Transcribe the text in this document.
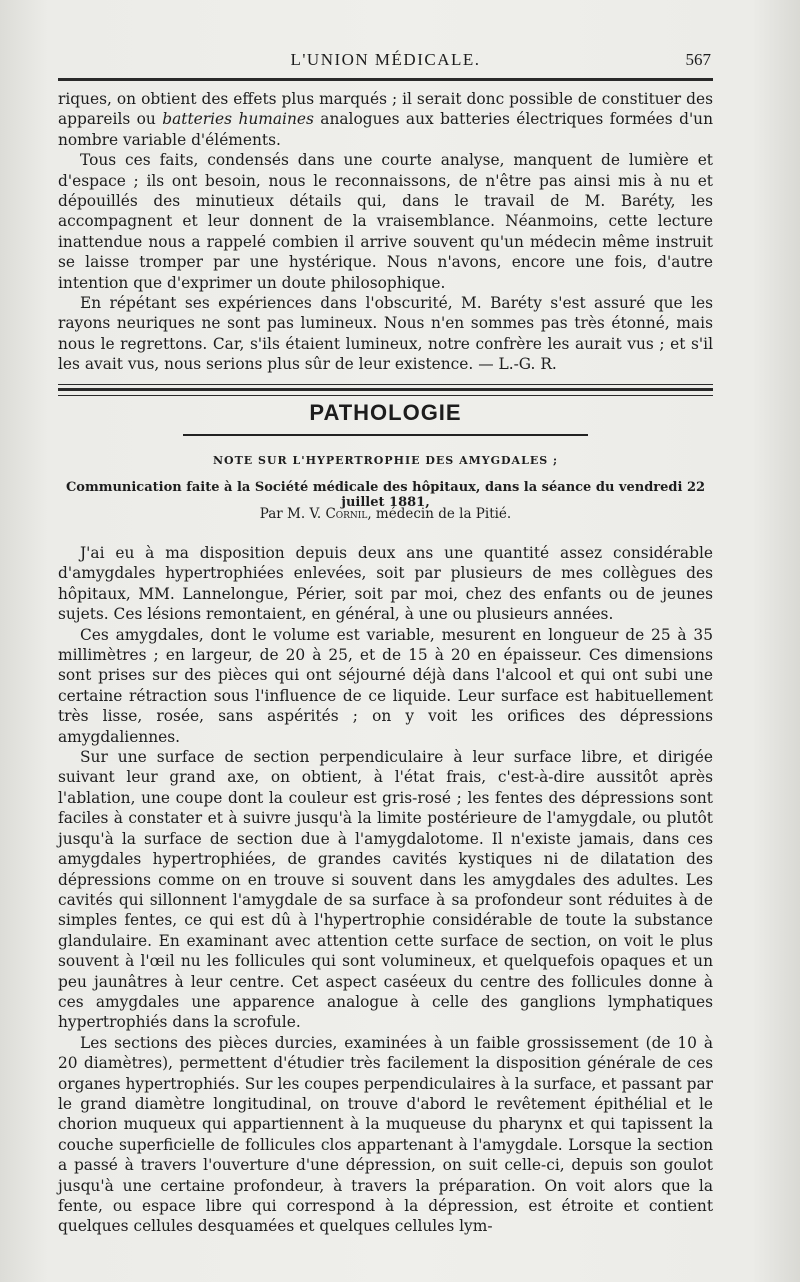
L'UNION MÉDICALE.	567

riques, on obtient des effets plus marqués ; il serait donc possible de constituer des appareils ou batteries humaines analogues aux batteries électriques formées d'un nombre variable d'éléments.

Tous ces faits, condensés dans une courte analyse, manquent de lumière et d'espace ; ils ont besoin, nous le reconnaissons, de n'être pas ainsi mis à nu et dépouillés des minutieux détails qui, dans le travail de M. Baréty, les accompagnent et leur donnent de la vraisemblance. Néanmoins, cette lecture inattendue nous a rappelé combien il arrive souvent qu'un médecin même instruit se laisse tromper par une hystérique. Nous n'avons, encore une fois, d'autre intention que d'exprimer un doute philosophique.

En répétant ses expériences dans l'obscurité, M. Baréty s'est assuré que les rayons neuriques ne sont pas lumineux. Nous n'en sommes pas très étonné, mais nous le regrettons. Car, s'ils étaient lumineux, notre confrère les aurait vus ; et s'il les avait vus, nous serions plus sûr de leur existence. — L.-G. R.

PATHOLOGIE
NOTE SUR L'HYPERTROPHIE DES AMYGDALES ;
Communication faite à la Société médicale des hôpitaux, dans la séance du vendredi 22 juillet 1881,
Par M. V. Cornil, médecin de la Pitié.

J'ai eu à ma disposition depuis deux ans une quantité assez considérable d'amygdales hypertrophiées enlevées, soit par plusieurs de mes collègues des hôpitaux, MM. Lannelongue, Périer, soit par moi, chez des enfants ou de jeunes sujets. Ces lésions remontaient, en général, à une ou plusieurs années.

Ces amygdales, dont le volume est variable, mesurent en longueur de 25 à 35 millimètres ; en largeur, de 20 à 25, et de 15 à 20 en épaisseur. Ces dimensions sont prises sur des pièces qui ont séjourné déjà dans l'alcool et qui ont subi une certaine rétraction sous l'influence de ce liquide. Leur surface est habituellement très lisse, rosée, sans aspérités ; on y voit les orifices des dépressions amygdaliennes.

Sur une surface de section perpendiculaire à leur surface libre, et dirigée suivant leur grand axe, on obtient, à l'état frais, c'est-à-dire aussitôt après l'ablation, une coupe dont la couleur est gris-rosé ; les fentes des dépressions sont faciles à constater et à suivre jusqu'à la limite postérieure de l'amygdale, ou plutôt jusqu'à la surface de section due à l'amygdalotome. Il n'existe jamais, dans ces amygdales hypertrophiées, de grandes cavités kystiques ni de dilatation des dépressions comme on en trouve si souvent dans les amygdales des adultes. Les cavités qui sillonnent l'amygdale de sa surface à sa profondeur sont réduites à de simples fentes, ce qui est dû à l'hypertrophie considérable de toute la substance glandulaire. En examinant avec attention cette surface de section, on voit le plus souvent à l'œil nu les follicules qui sont volumineux, et quelquefois opaques et un peu jaunâtres à leur centre. Cet aspect caséeux du centre des follicules donne à ces amygdales une apparence analogue à celle des ganglions lymphatiques hypertrophiés dans la scrofule.

Les sections des pièces durcies, examinées à un faible grossissement (de 10 à 20 diamètres), permettent d'étudier très facilement la disposition générale de ces organes hypertrophiés. Sur les coupes perpendiculaires à la surface, et passant par le grand diamètre longitudinal, on trouve d'abord le revêtement épithélial et le chorion muqueux qui appartiennent à la muqueuse du pharynx et qui tapissent la couche superficielle de follicules clos appartenant à l'amygdale. Lorsque la section a passé à travers l'ouverture d'une dépression, on suit celle-ci, depuis son goulot jusqu'à une certaine profondeur, à travers la préparation. On voit alors que la fente, ou espace libre qui correspond à la dépression, est étroite et contient quelques cellules desquamées et quelques cellules lym-
